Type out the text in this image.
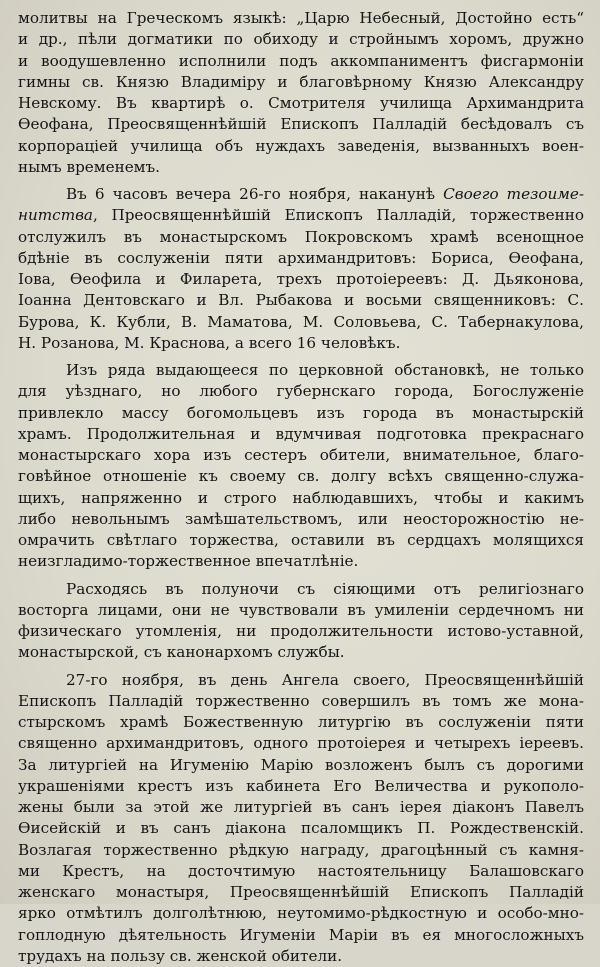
молитвы на Греческомъ языкѣ: „Царю Небесный, Достойно есть“
и др., пѣли догматики по обиходу и стройнымъ хоромъ, дружно
и воодушевленно исполнили подъ аккомпаниментъ фисгармонiи
гимны св. Князю Владимiру и благовѣрному Князю Александру
Невскому. Въ квартирѣ о. Смотрителя училища Архимандрита
Ѳеофана, Преосвященнѣйшiй Епископъ Палладiй бесѣдовалъ съ
корпорацiей училища объ нуждахъ заведенiя, вызванныхъ воен-
нымъ временемъ.
Въ 6 часовъ вечера 26-го ноября, наканунѣ Своего тезоиме-
нитства, Преосвященнѣйшiй Епископъ Палладiй, торжественно
отслужилъ въ монастырскомъ Покровскомъ храмѣ всенощное
бдѣнiе въ сослуженiи пяти архимандритовъ: Бориса, Ѳеофана,
Iова, Ѳеофила и Филарета, трехъ протоiереевъ: Д. Дьяконова,
Iоанна Дентовскаго и Вл. Рыбакова и восьми священниковъ: С.
Бурова, К. Кубли, В. Маматова, М. Соловьева, С. Табернакулова,
Н. Розанова, М. Краснова, а всего 16 человѣкъ.
Изъ ряда выдающееся по церковной обстановкѣ, не только
для уѣзднаго, но любого губернскаго города, Богослуженiе
привлекло массу богомольцевъ изъ города въ монастырскiй
храмъ. Продолжительная и вдумчивая подготовка прекраснаго
монастырскаго хора изъ сестеръ обители, внимательное, благо-
говѣйное отношенiе къ своему св. долгу всѣхъ священно-служа-
щихъ, напряженно и строго наблюдавшихъ, чтобы и какимъ
либо невольнымъ замѣшательствомъ, или неосторожностiю не-
омрачить свѣтлаго торжества, оставили въ сердцахъ молящихся
неизгладимо-торжественное впечатлѣнiе.
Расходясь въ полуночи съ сiяющими отъ религiознаго
восторга лицами, они не чувствовали въ умиленiи сердечномъ ни
физическаго утомленiя, ни продолжительности истово-уставной,
монастырской, съ канонархомъ службы.
27-го ноября, въ день Ангела своего, Преосвященнѣйшiй
Епископъ Палладiй торжественно совершилъ въ томъ же мона-
стырскомъ храмѣ Божественную литургiю въ сослуженiи пяти
священно архимандритовъ, одного протоiерея и четырехъ iереевъ.
За литургiей на Игуменiю Марiю возложенъ былъ съ дорогими
украшенiями крестъ изъ кабинета Его Величества и рукополо-
жены были за этой же литургiей въ санъ iерея дiаконъ Павелъ
Ѳисейскiй и въ санъ дiакона псаломщикъ П. Рождественскiй.
Возлагая торжественно рѣдкую награду, драгоцѣнный съ камня-
ми Крестъ, на досточтимую настоятельницу Балашовскаго
женскаго монастыря, Преосвященнѣйшiй Епископъ Палладiй
ярко отмѣтилъ долголѣтнюю, неутомимо-рѣдкостную и особо-мно-
гоплодную дѣятельность Игуменiи Марiи въ ея многосложныхъ
трудахъ на пользу св. женской обители.
